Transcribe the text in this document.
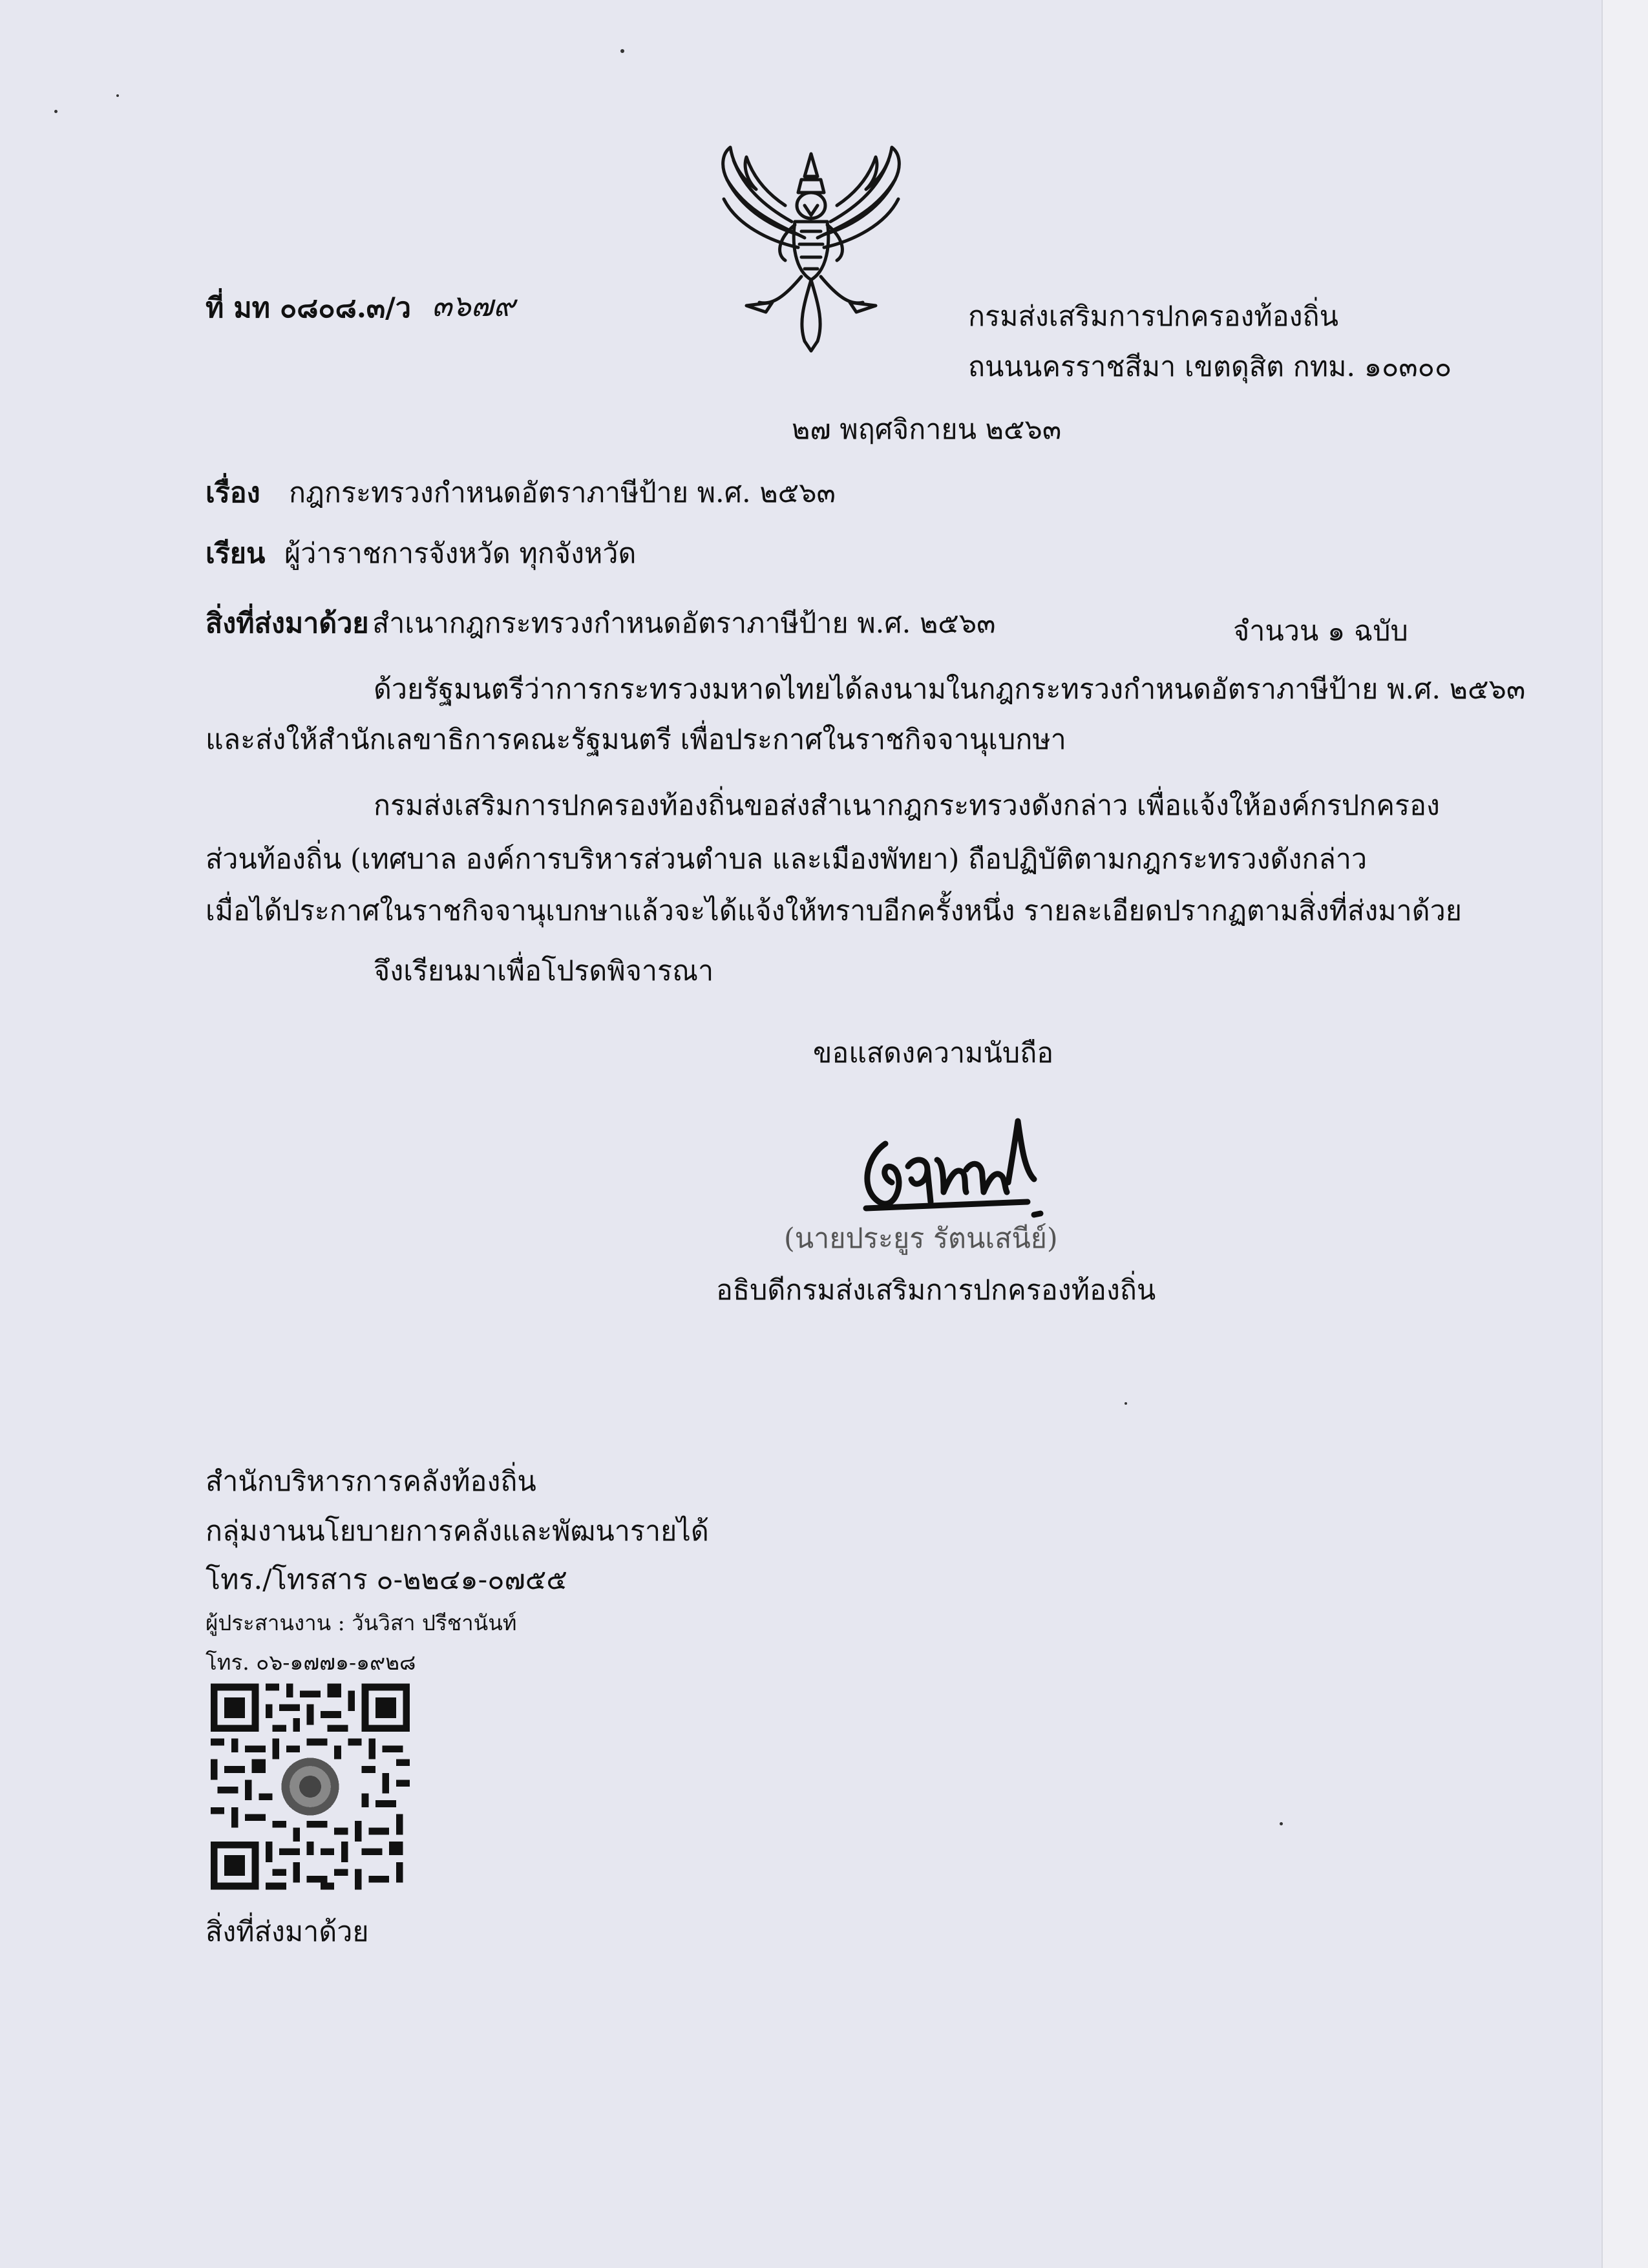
ที่ มท ๐๘๐๘.๓/ว ๓๖๗๙	กรมส่งเสริมการปกครองท้องถิ่น
ถนนนครราชสีมา เขตดุสิต กทม. ๑๐๓๐๐
๒๗ พฤศจิกายน ๒๕๖๓
เรื่อง กฎกระทรวงกำหนดอัตราภาษีป้าย พ.ศ. ๒๕๖๓
เรียน ผู้ว่าราชการจังหวัด ทุกจังหวัด
สิ่งที่ส่งมาด้วย สำเนากฎกระทรวงกำหนดอัตราภาษีป้าย พ.ศ. ๒๕๖๓	จำนวน ๑ ฉบับ
ด้วยรัฐมนตรีว่าการกระทรวงมหาดไทยได้ลงนามในกฎกระทรวงกำหนดอัตราภาษีป้าย พ.ศ. ๒๕๖๓
และส่งให้สำนักเลขาธิการคณะรัฐมนตรี เพื่อประกาศในราชกิจจานุเบกษา
กรมส่งเสริมการปกครองท้องถิ่นขอส่งสำเนากฎกระทรวงดังกล่าว เพื่อแจ้งให้องค์กรปกครอง
ส่วนท้องถิ่น (เทศบาล องค์การบริหารส่วนตำบล และเมืองพัทยา) ถือปฏิบัติตามกฎกระทรวงดังกล่าว
เมื่อได้ประกาศในราชกิจจานุเบกษาแล้วจะได้แจ้งให้ทราบอีกครั้งหนึ่ง รายละเอียดปรากฏตามสิ่งที่ส่งมาด้วย
จึงเรียนมาเพื่อโปรดพิจารณา
ขอแสดงความนับถือ
(นายประยูร รัตนเสนีย์)
อธิบดีกรมส่งเสริมการปกครองท้องถิ่น
สำนักบริหารการคลังท้องถิ่น
กลุ่มงานนโยบายการคลังและพัฒนารายได้
โทร./โทรสาร ๐-๒๒๔๑-๐๗๕๕
ผู้ประสานงาน : วันวิสา ปรีชานันท์
โทร. ๐๖-๑๗๗๑-๑๙๒๘
สิ่งที่ส่งมาด้วย
